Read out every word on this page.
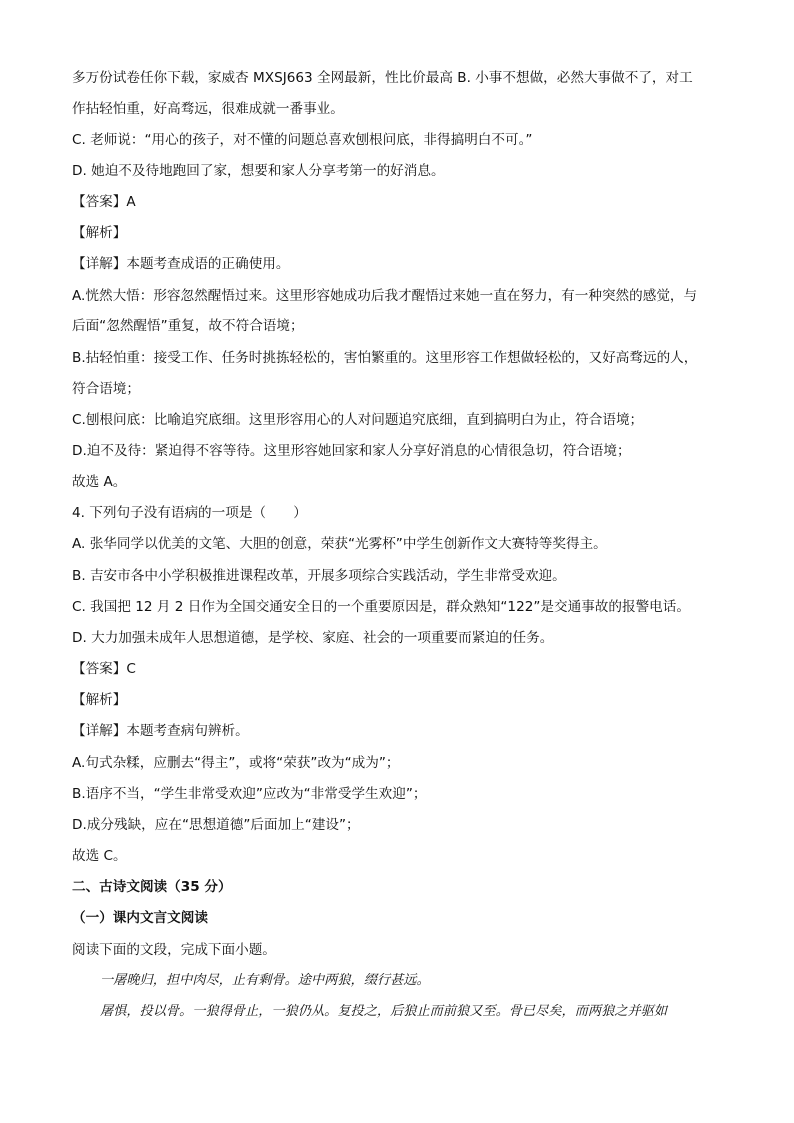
多万份试卷任你下载，家威杏 MXSJ663 全网最新，性比价最高 B. 小事不想做，必然大事做不了，对工
作拈轻怕重，好高骛远，很难成就一番事业。
C. 老师说：“用心的孩子，对不懂的问题总喜欢刨根问底，非得搞明白不可。”
D. 她迫不及待地跑回了家，想要和家人分享考第一的好消息。
【答案】A
【解析】
【详解】本题考查成语的正确使用。
A.恍然大悟：形容忽然醒悟过来。这里形容她成功后我才醒悟过来她一直在努力，有一种突然的感觉，与
后面“忽然醒悟”重复，故不符合语境；
B.拈轻怕重：接受工作、任务时挑拣轻松的，害怕繁重的。这里形容工作想做轻松的，又好高骛远的人，
符合语境；
C.刨根问底：比喻追究底细。这里形容用心的人对问题追究底细，直到搞明白为止，符合语境；
D.迫不及待：紧迫得不容等待。这里形容她回家和家人分享好消息的心情很急切，符合语境；
故选 A。
4. 下列句子没有语病的一项是（　　）
A. 张华同学以优美的文笔、大胆的创意，荣获“光雾杯”中学生创新作文大赛特等奖得主。
B. 吉安市各中小学积极推进课程改革，开展多项综合实践活动，学生非常受欢迎。
C. 我国把 12 月 2 日作为全国交通安全日的一个重要原因是，群众熟知“122”是交通事故的报警电话。
D. 大力加强未成年人思想道德，是学校、家庭、社会的一项重要而紧迫的任务。
【答案】C
【解析】
【详解】本题考查病句辨析。
A.句式杂糅，应删去“得主”，或将“荣获”改为“成为”；
B.语序不当，“学生非常受欢迎”应改为“非常受学生欢迎”；
D.成分残缺，应在“思想道德”后面加上“建设”；
故选 C。
二、古诗文阅读（35 分）
（一）课内文言文阅读
阅读下面的文段，完成下面小题。
一屠晚归，担中肉尽，止有剩骨。途中两狼，缀行甚远。
屠惧，投以骨。一狼得骨止，一狼仍从。复投之，后狼止而前狼又至。骨已尽矣，而两狼之并驱如
